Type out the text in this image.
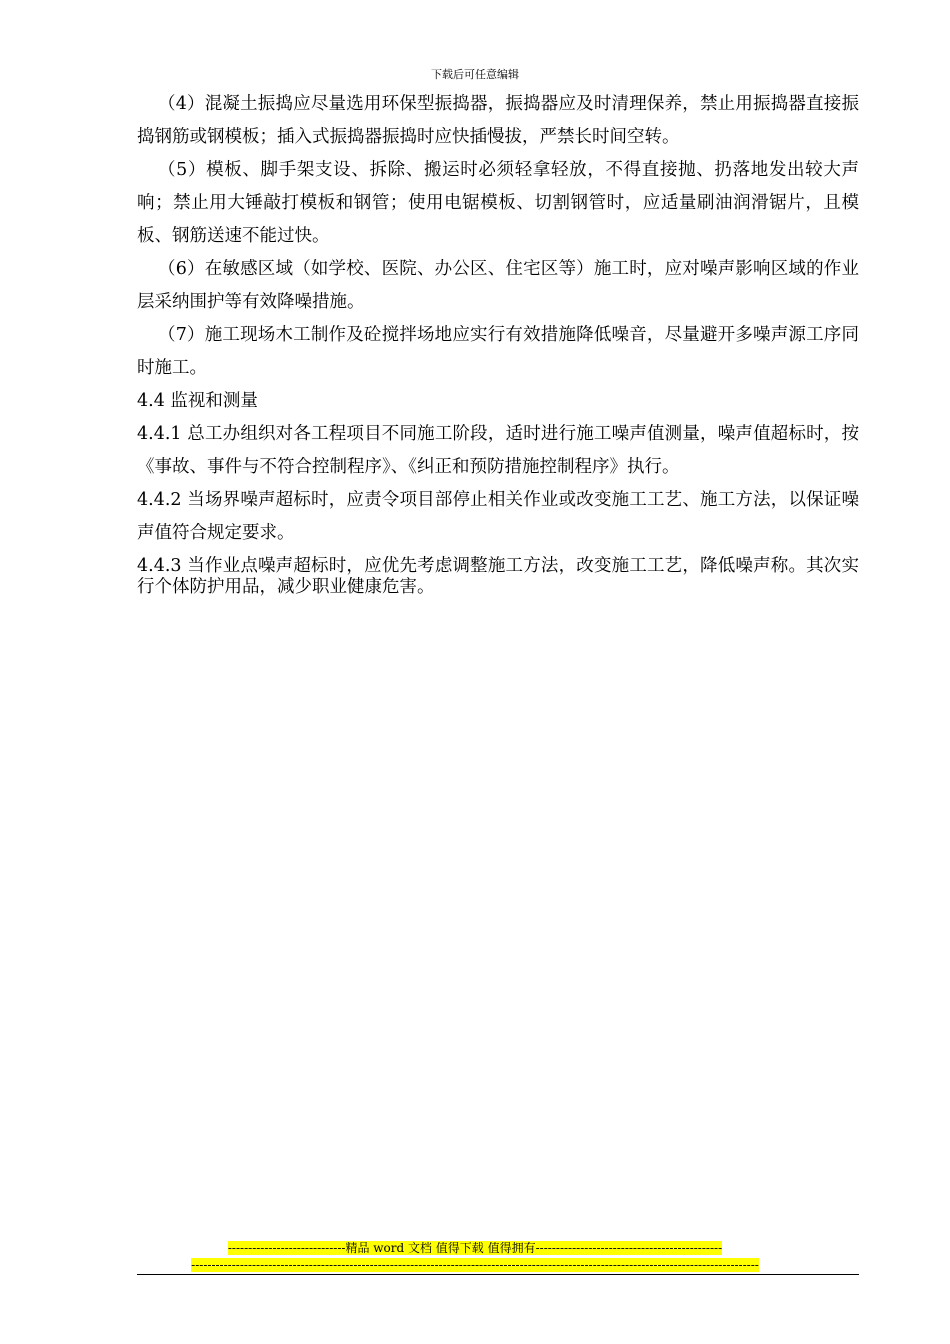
下载后可任意编辑

（4）混凝土振捣应尽量选用环保型振捣器，振捣器应及时清理保养，禁止用振捣器直接振捣钢筋或钢模板；插入式振捣器振捣时应快插慢拔，严禁长时间空转。

（5）模板、脚手架支设、拆除、搬运时必须轻拿轻放，不得直接抛、扔落地发出较大声响；禁止用大锤敲打模板和钢管；使用电锯模板、切割钢管时，应适量刷油润滑锯片，且模板、钢筋送速不能过快。

（6）在敏感区域（如学校、医院、办公区、住宅区等）施工时，应对噪声影响区域的作业层采纳围护等有效降噪措施。

（7）施工现场木工制作及砼搅拌场地应实行有效措施降低噪音，尽量避开多噪声源工序同时施工。

4.4 监视和测量

4.4.1 总工办组织对各工程项目不同施工阶段，适时进行施工噪声值测量，噪声值超标时，按《事故、事件与不符合控制程序》、《纠正和预防措施控制程序》执行。

4.4.2 当场界噪声超标时，应责令项目部停止相关作业或改变施工工艺、施工方法，以保证噪声值符合规定要求。

4.4.3 当作业点噪声超标时，应优先考虑调整施工方法，改变施工工艺，降低噪声称。其次实行个体防护用品，减少职业健康危害。

-----------------------------精品 word 文档 值得下载 值得拥有----------------------------------------------
--------------------------------------------------------------------------------------------------------------------------------------------
